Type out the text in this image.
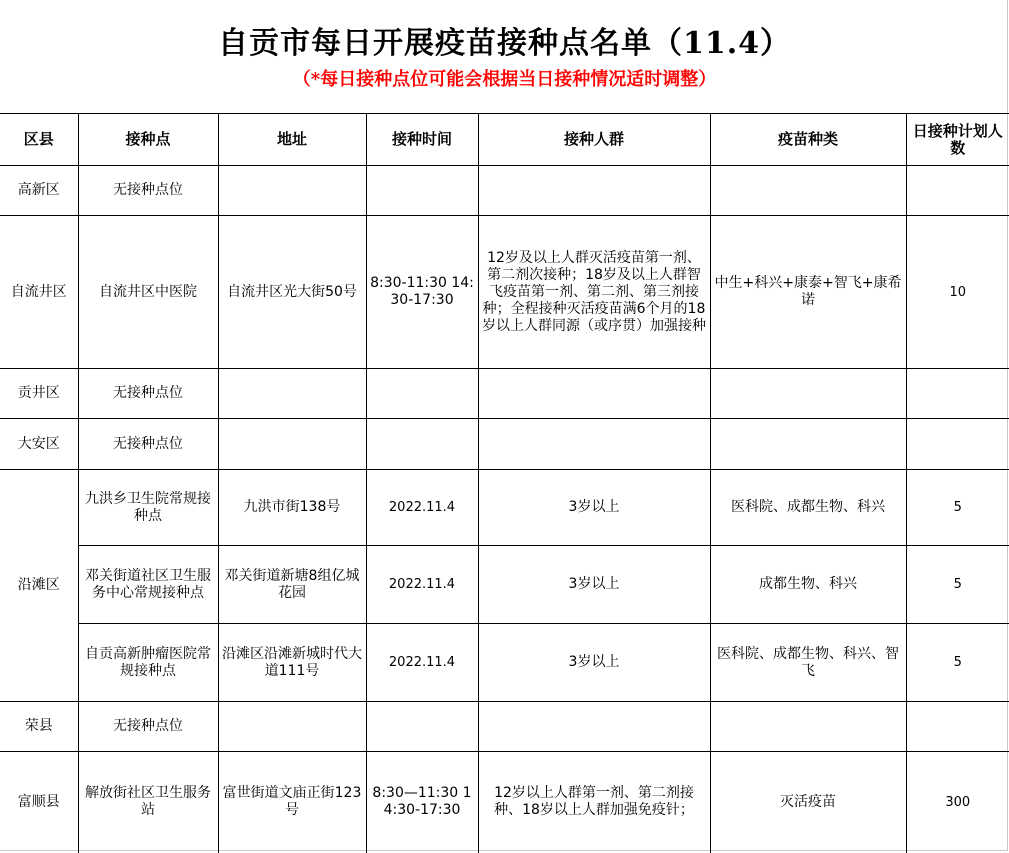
自贡市每日开展疫苗接种点名单（11.4）
（*每日接种点位可能会根据当日接种情况适时调整）
区县	接种点	地址	接种时间	接种人群	疫苗种类	日接种计划人数
高新区	无接种点位					
自流井区	自流井区中医院	自流井区光大街50号	8:30-11:30 14:30-17:30	12岁及以上人群灭活疫苗第一剂、第二剂次接种；18岁及以上人群智飞疫苗第一剂、第二剂、第三剂接种；全程接种灭活疫苗满6个月的18岁以上人群同源（或序贯）加强接种	中生+科兴+康泰+智飞+康希诺	10
贡井区	无接种点位					
大安区	无接种点位					
沿滩区	九洪乡卫生院常规接种点	九洪市街138号	2022.11.4	3岁以上	医科院、成都生物、科兴	5
	邓关街道社区卫生服务中心常规接种点	邓关街道新塘8组亿城花园	2022.11.4	3岁以上	成都生物、科兴	5
	自贡高新肿瘤医院常规接种点	沿滩区沿滩新城时代大道111号	2022.11.4	3岁以上	医科院、成都生物、科兴、智飞	5
荣县	无接种点位					
富顺县	解放街社区卫生服务站	富世街道文庙正街123号	8:30—11:30 14:30-17:30	12岁以上人群第一剂、第二剂接种、18岁以上人群加强免疫针；	灭活疫苗	300
